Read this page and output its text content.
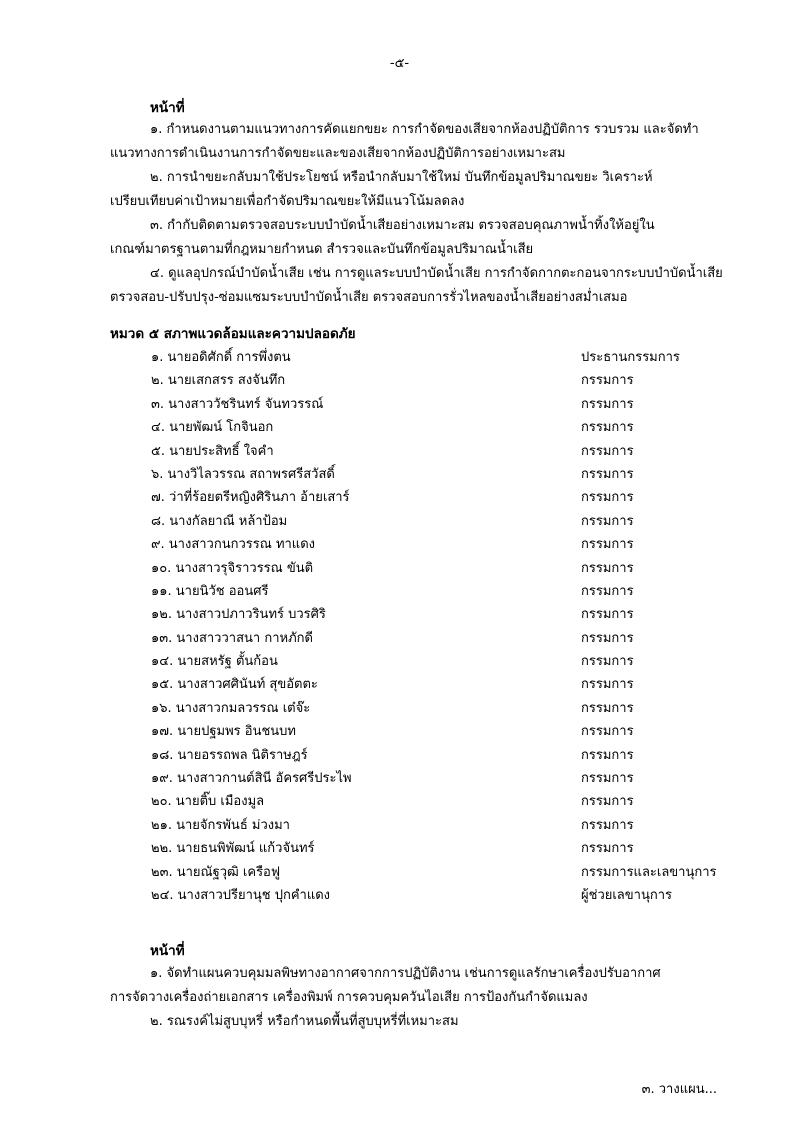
-๕-
หน้าที่
๑. กำหนดงานตามแนวทางการคัดแยกขยะ การกำจัดของเสียจากห้องปฏิบัติการ รวบรวม และจัดทำ
แนวทางการดำเนินงานการกำจัดขยะและของเสียจากห้องปฏิบัติการอย่างเหมาะสม
๒. การนำขยะกลับมาใช้ประโยชน์ หรือนำกลับมาใช้ใหม่ บันทึกข้อมูลปริมาณขยะ วิเคราะห์
เปรียบเทียบค่าเป้าหมายเพื่อกำจัดปริมาณขยะให้มีแนวโน้มลดลง
๓. กำกับติดตามตรวจสอบระบบบำบัดน้ำเสียอย่างเหมาะสม ตรวจสอบคุณภาพน้ำทิ้งให้อยู่ใน
เกณฑ์มาตรฐานตามที่กฎหมายกำหนด สำรวจและบันทึกข้อมูลปริมาณน้ำเสีย
๔. ดูแลอุปกรณ์บำบัดน้ำเสีย เช่น การดูแลระบบบำบัดน้ำเสีย การกำจัดกากตะกอนจากระบบบำบัดน้ำเสีย
ตรวจสอบ-ปรับปรุง-ซ่อมแซมระบบบำบัดน้ำเสีย ตรวจสอบการรั่วไหลของน้ำเสียอย่างสม่ำเสมอ
หมวด ๕ สภาพแวดล้อมและความปลอดภัย
๑. นายอดิศักดิ์ การพึ่งตน	ประธานกรรมการ
๒. นายเสกสรร สงจันทึก	กรรมการ
๓. นางสาววัชรินทร์ จันทวรรณ์	กรรมการ
๔. นายพัฒน์ โกจินอก	กรรมการ
๕. นายประสิทธิ์ ใจคำ	กรรมการ
๖. นางวิไลวรรณ สถาพรศรีสวัสดิ์	กรรมการ
๗. ว่าที่ร้อยตรีหญิงศิรินภา อ้ายเสาร์	กรรมการ
๘. นางกัลยาณี หล้าป้อม	กรรมการ
๙. นางสาวกนกวรรณ ทาแดง	กรรมการ
๑๐. นางสาวรุจิราวรรณ ขันติ	กรรมการ
๑๑. นายนิวัช ออนศรี	กรรมการ
๑๒. นางสาวปภาวรินทร์ บวรศิริ	กรรมการ
๑๓. นางสาววาสนา กาหภักดี	กรรมการ
๑๔. นายสหรัฐ ตั้นก้อน	กรรมการ
๑๕. นางสาวศศินันท์ สุขอัตตะ	กรรมการ
๑๖. นางสาวกมลวรรณ เต๋จ๊ะ	กรรมการ
๑๗. นายปฐมพร อินชนบท	กรรมการ
๑๘. นายอรรถพล นิติราษฎร์	กรรมการ
๑๙. นางสาวกานต์สินี อัครศรีประไพ	กรรมการ
๒๐. นายติ๊บ เมืองมูล	กรรมการ
๒๑. นายจักรพันธ์ ม่วงมา	กรรมการ
๒๒. นายธนพิพัฒน์ แก้วจันทร์	กรรมการ
๒๓. นายณัฐวุฒิ เครือฟู	กรรมการและเลขานุการ
๒๔. นางสาวปรียานุช ปุกคำแดง	ผู้ช่วยเลขานุการ
หน้าที่
๑. จัดทำแผนควบคุมมลพิษทางอากาศจากการปฏิบัติงาน เช่นการดูแลรักษาเครื่องปรับอากาศ
การจัดวางเครื่องถ่ายเอกสาร เครื่องพิมพ์ การควบคุมควันไอเสีย การป้องกันกำจัดแมลง
๒. รณรงค์ไม่สูบบุหรี่ หรือกำหนดพื้นที่สูบบุหรี่ที่เหมาะสม
๓. วางแผน...
